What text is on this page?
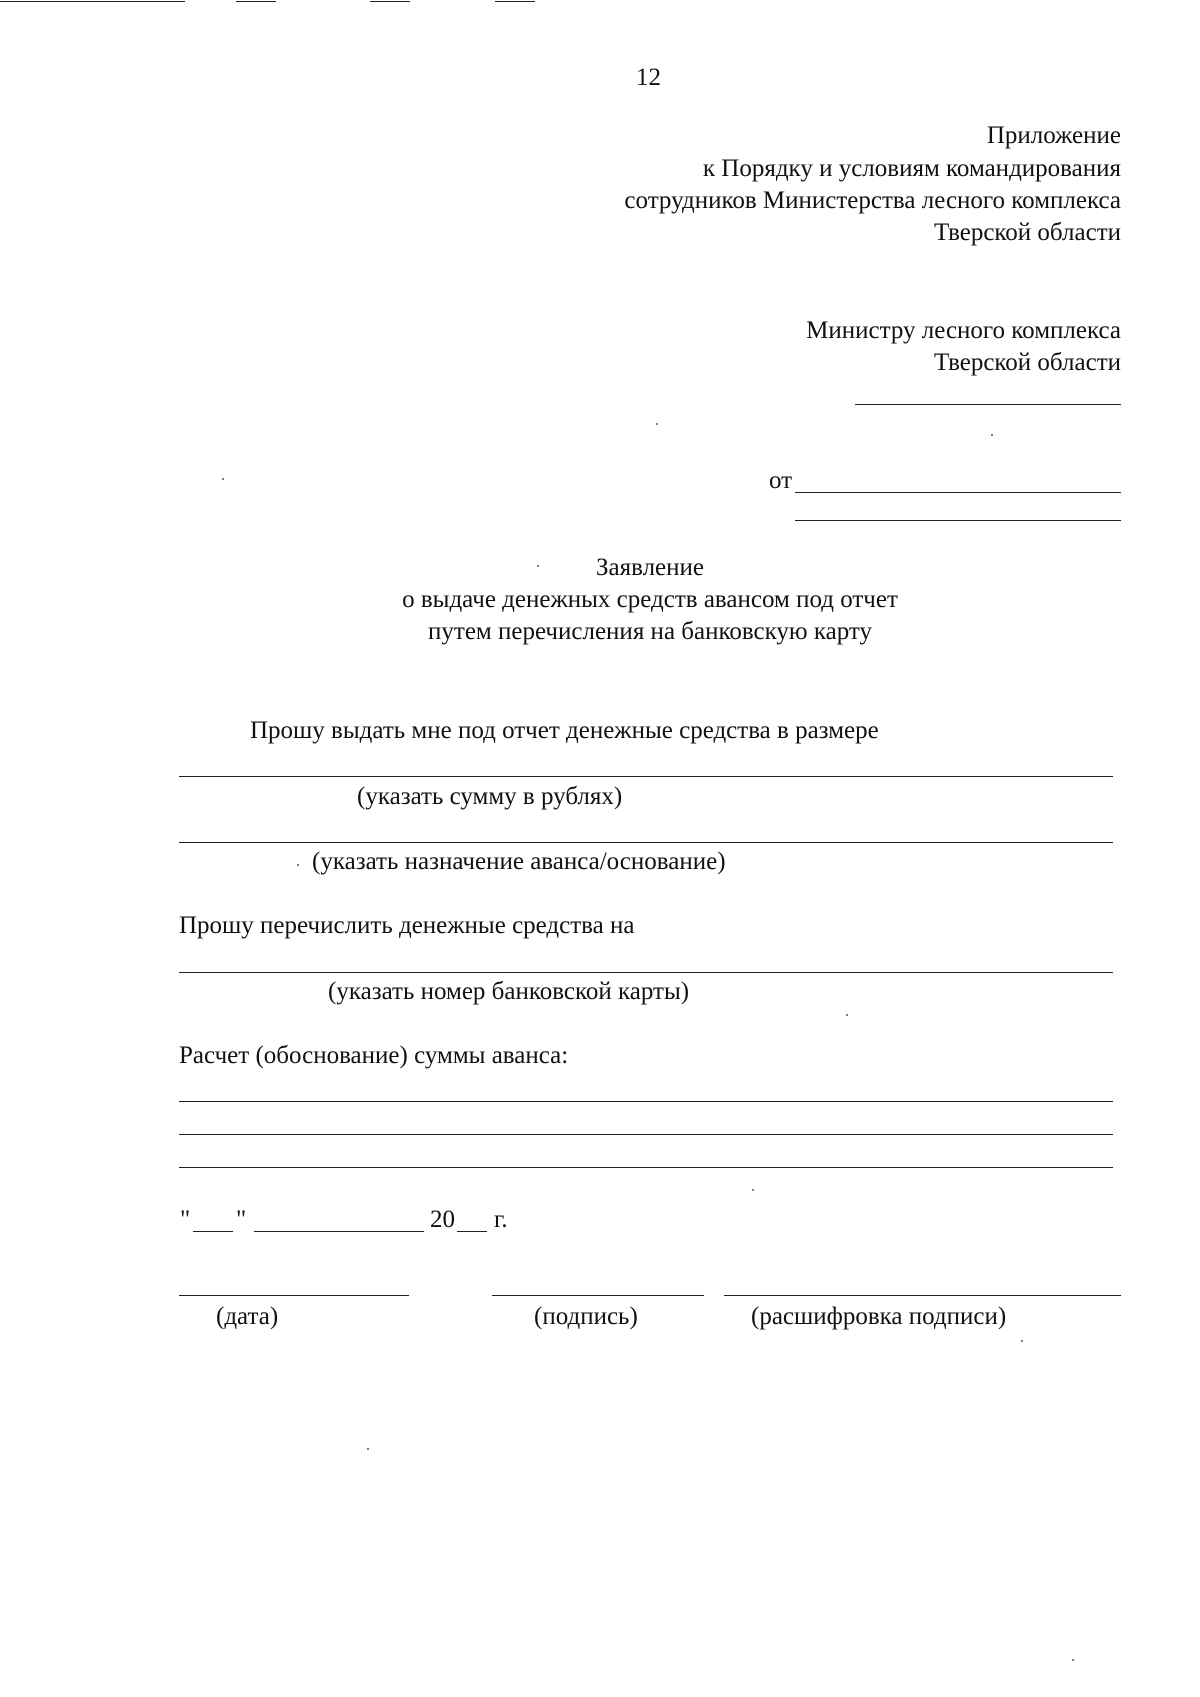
12
Приложение
к Порядку и условиям командирования
сотрудников Министерства лесного комплекса
Тверской области
Министру лесного комплекса
Тверской области
от
Заявление
о выдаче денежных средств авансом под отчет
путем перечисления на банковскую карту
Прошу выдать мне под отчет денежные средства в размере
(указать сумму в рублях)
(указать назначение аванса/основание)
Прошу перечислить денежные средства на
(указать номер банковской карты)
Расчет (обоснование) суммы аванса:
" "	20 г.
(дата)	(подпись)	(расшифровка подписи)
